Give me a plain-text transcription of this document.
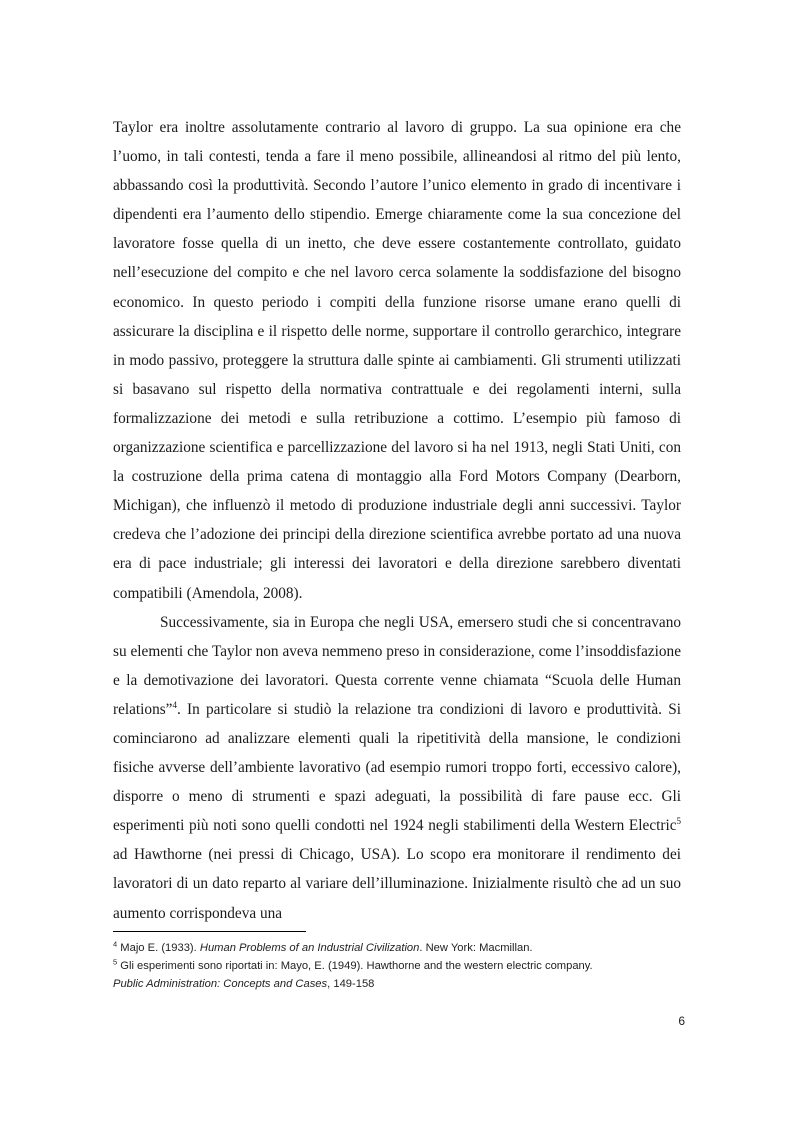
Taylor era inoltre assolutamente contrario al lavoro di gruppo. La sua opinione era che l’uomo, in tali contesti, tenda a fare il meno possibile, allineandosi al ritmo del più lento, abbassando così la produttività. Secondo l’autore l’unico elemento in grado di incentivare i dipendenti era l’aumento dello stipendio. Emerge chiaramente come la sua concezione del lavoratore fosse quella di un inetto, che deve essere costantemente controllato, guidato nell’esecuzione del compito e che nel lavoro cerca solamente la soddisfazione del bisogno economico. In questo periodo i compiti della funzione risorse umane erano quelli di assicurare la disciplina e il rispetto delle norme, supportare il controllo gerarchico, integrare in modo passivo, proteggere la struttura dalle spinte ai cambiamenti. Gli strumenti utilizzati si basavano sul rispetto della normativa contrattuale e dei regolamenti interni, sulla formalizzazione dei metodi e sulla retribuzione a cottimo. L’esempio più famoso di organizzazione scientifica e parcellizzazione del lavoro si ha nel 1913, negli Stati Uniti, con la costruzione della prima catena di montaggio alla Ford Motors Company (Dearborn, Michigan), che influenzò il metodo di produzione industriale degli anni successivi. Taylor credeva che l’adozione dei principi della direzione scientifica avrebbe portato ad una nuova era di pace industriale; gli interessi dei lavoratori e della direzione sarebbero diventati compatibili (Amendola, 2008).

Successivamente, sia in Europa che negli USA, emersero studi che si concentravano su elementi che Taylor non aveva nemmeno preso in considerazione, come l’insoddisfazione e la demotivazione dei lavoratori. Questa corrente venne chiamata “Scuola delle Human relations”$^4$. In particolare si studiò la relazione tra condizioni di lavoro e produttività. Si cominciarono ad analizzare elementi quali la ripetitività della mansione, le condizioni fisiche avverse dell’ambiente lavorativo (ad esempio rumori troppo forti, eccessivo calore), disporre o meno di strumenti e spazi adeguati, la possibilità di fare pause ecc. Gli esperimenti più noti sono quelli condotti nel 1924 negli stabilimenti della Western Electric$^5$ ad Hawthorne (nei pressi di Chicago, USA). Lo scopo era monitorare il rendimento dei lavoratori di un dato reparto al variare dell’illuminazione. Inizialmente risultò che ad un suo aumento corrispondeva una

$^4$ Majo E. (1933). Human Problems of an Industrial Civilization. New York: Macmillan.

$^5$ Gli esperimenti sono riportati in: Mayo, E. (1949). Hawthorne and the western electric company.
Public Administration: Concepts and Cases, 149-158

6
